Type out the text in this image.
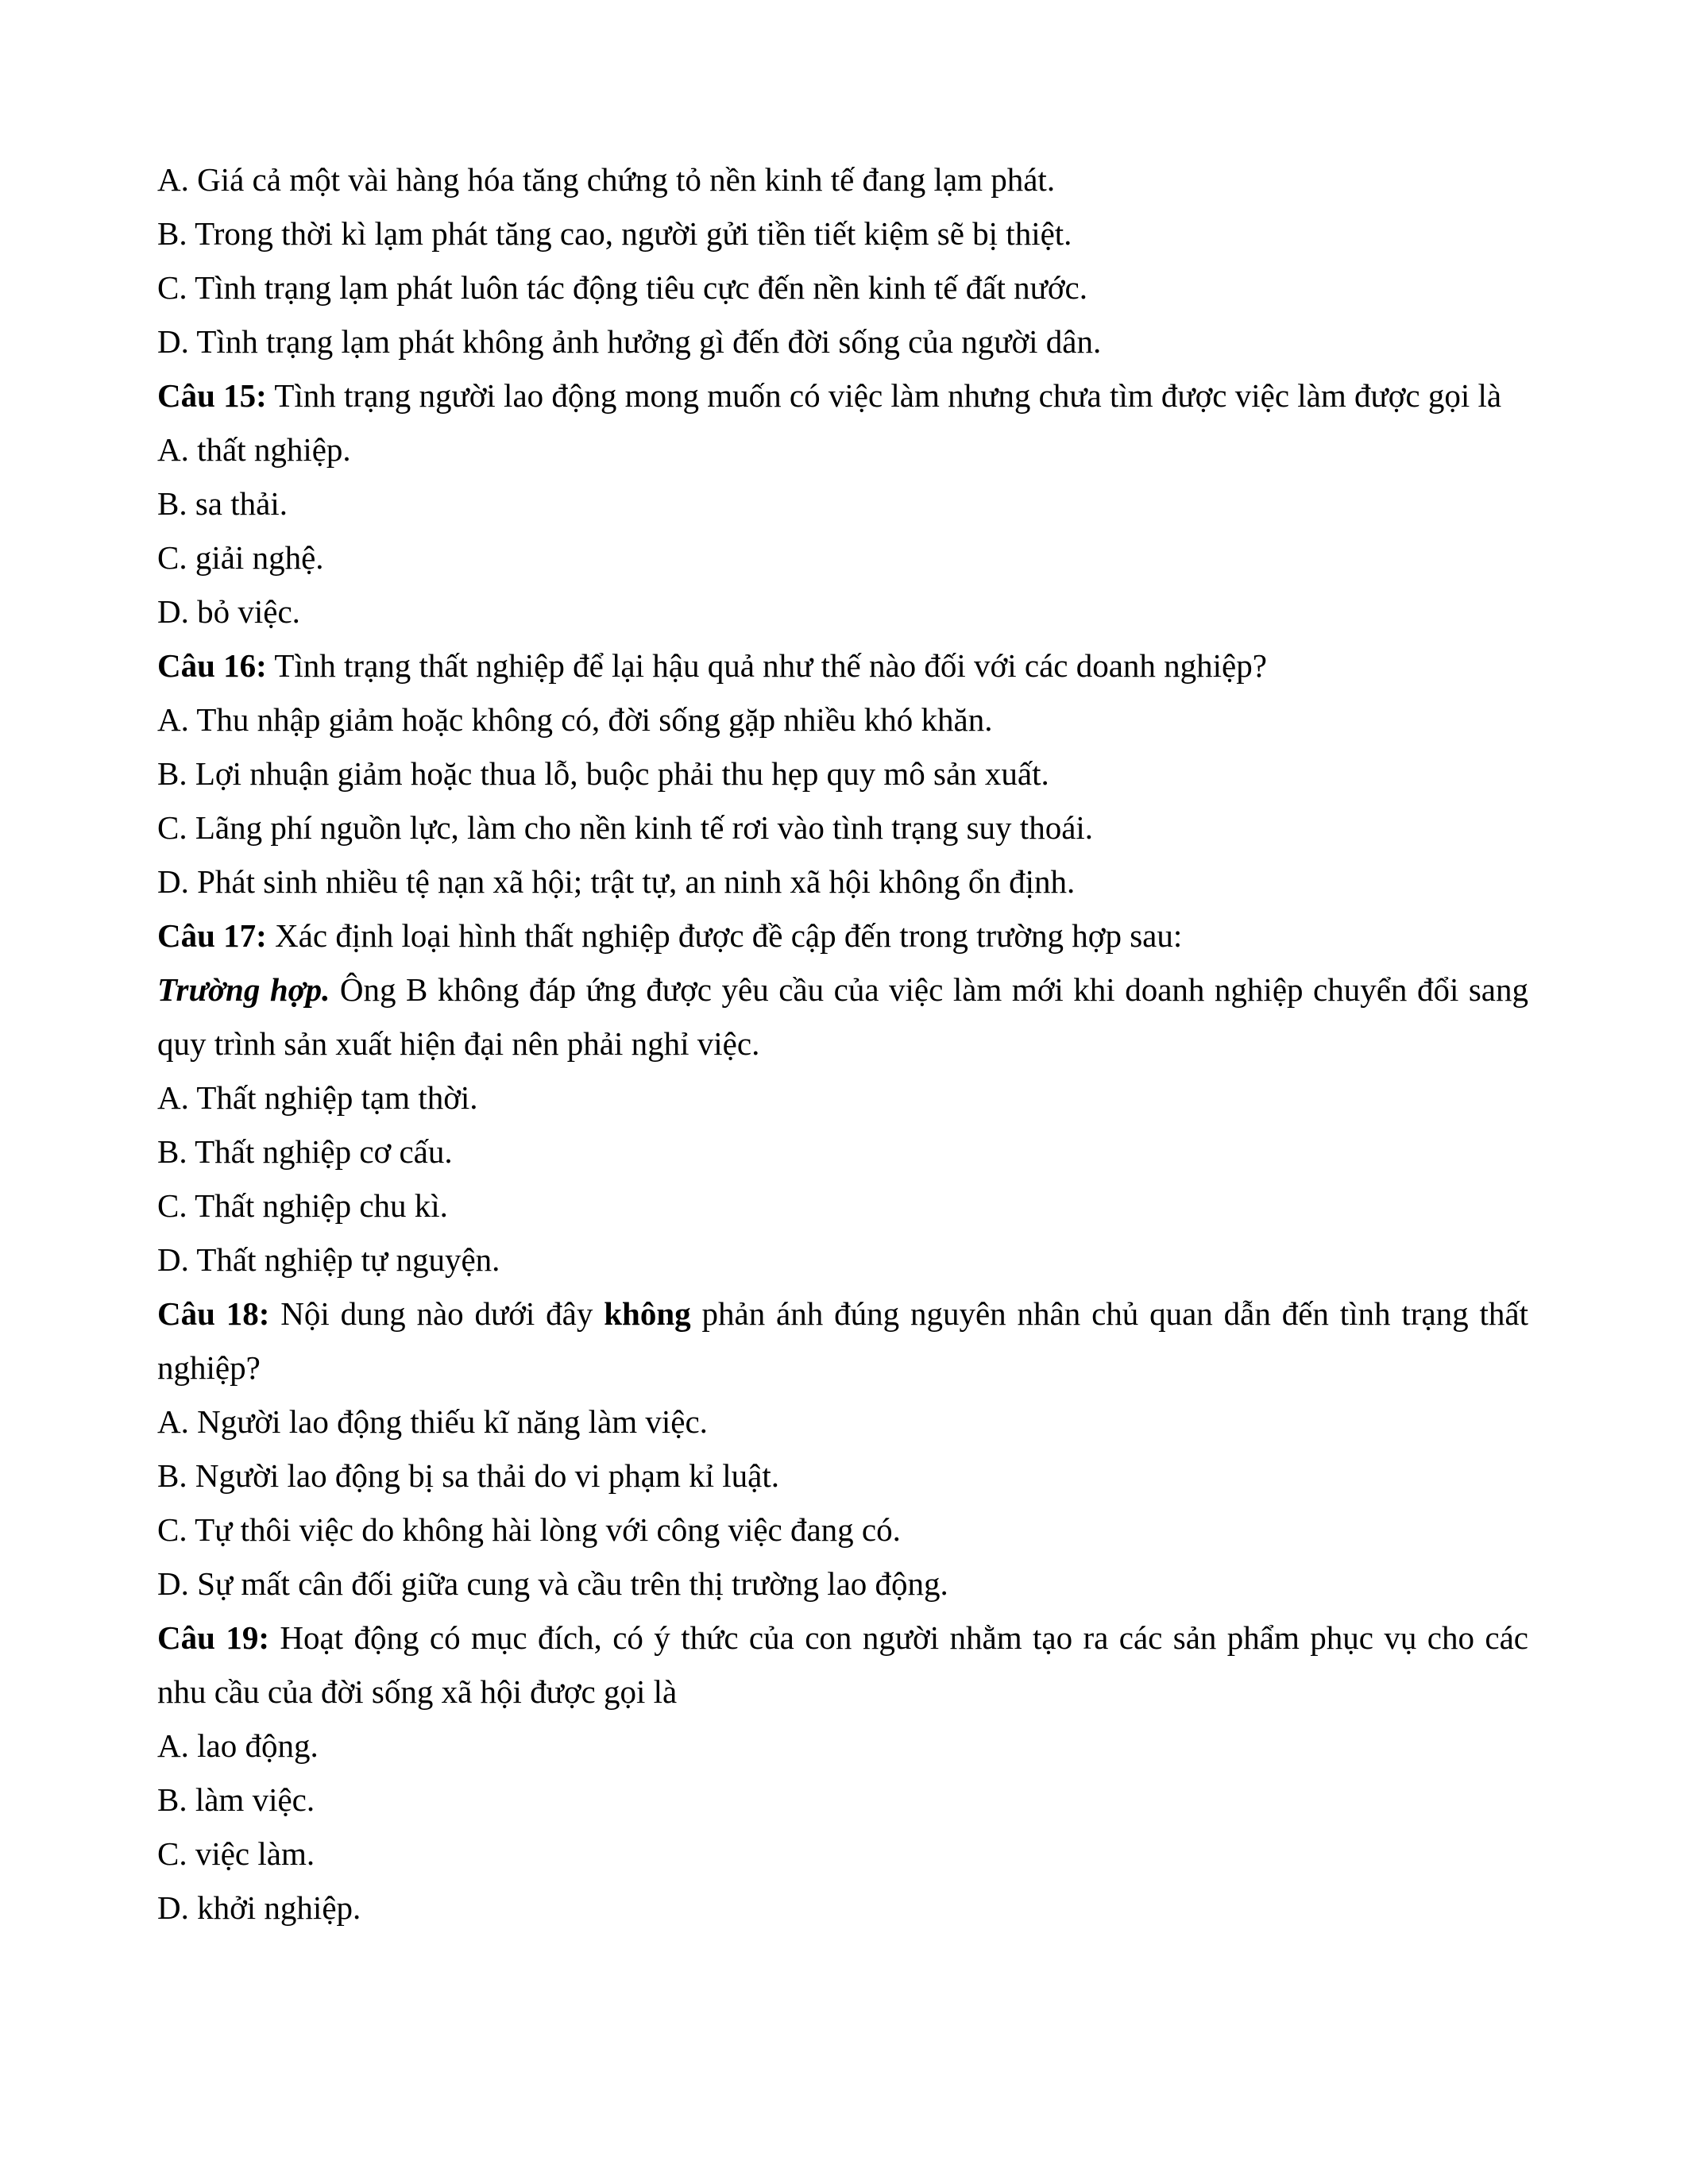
A. Giá cả một vài hàng hóa tăng chứng tỏ nền kinh tế đang lạm phát.
B. Trong thời kì lạm phát tăng cao, người gửi tiền tiết kiệm sẽ bị thiệt.
C. Tình trạng lạm phát luôn tác động tiêu cực đến nền kinh tế đất nước.
D. Tình trạng lạm phát không ảnh hưởng gì đến đời sống của người dân.
Câu 15: Tình trạng người lao động mong muốn có việc làm nhưng chưa tìm được việc làm được gọi là
A. thất nghiệp.
B. sa thải.
C. giải nghệ.
D. bỏ việc.
Câu 16: Tình trạng thất nghiệp để lại hậu quả như thế nào đối với các doanh nghiệp?
A. Thu nhập giảm hoặc không có, đời sống gặp nhiều khó khăn.
B. Lợi nhuận giảm hoặc thua lỗ, buộc phải thu hẹp quy mô sản xuất.
C. Lãng phí nguồn lực, làm cho nền kinh tế rơi vào tình trạng suy thoái.
D. Phát sinh nhiều tệ nạn xã hội; trật tự, an ninh xã hội không ổn định.
Câu 17: Xác định loại hình thất nghiệp được đề cập đến trong trường hợp sau:
Trường hợp. Ông B không đáp ứng được yêu cầu của việc làm mới khi doanh nghiệp chuyển đổi sang quy trình sản xuất hiện đại nên phải nghỉ việc.
A. Thất nghiệp tạm thời.
B. Thất nghiệp cơ cấu.
C. Thất nghiệp chu kì.
D. Thất nghiệp tự nguyện.
Câu 18: Nội dung nào dưới đây không phản ánh đúng nguyên nhân chủ quan dẫn đến tình trạng thất nghiệp?
A. Người lao động thiếu kĩ năng làm việc.
B. Người lao động bị sa thải do vi phạm kỉ luật.
C. Tự thôi việc do không hài lòng với công việc đang có.
D. Sự mất cân đối giữa cung và cầu trên thị trường lao động.
Câu 19: Hoạt động có mục đích, có ý thức của con người nhằm tạo ra các sản phẩm phục vụ cho các nhu cầu của đời sống xã hội được gọi là
A. lao động.
B. làm việc.
C. việc làm.
D. khởi nghiệp.
